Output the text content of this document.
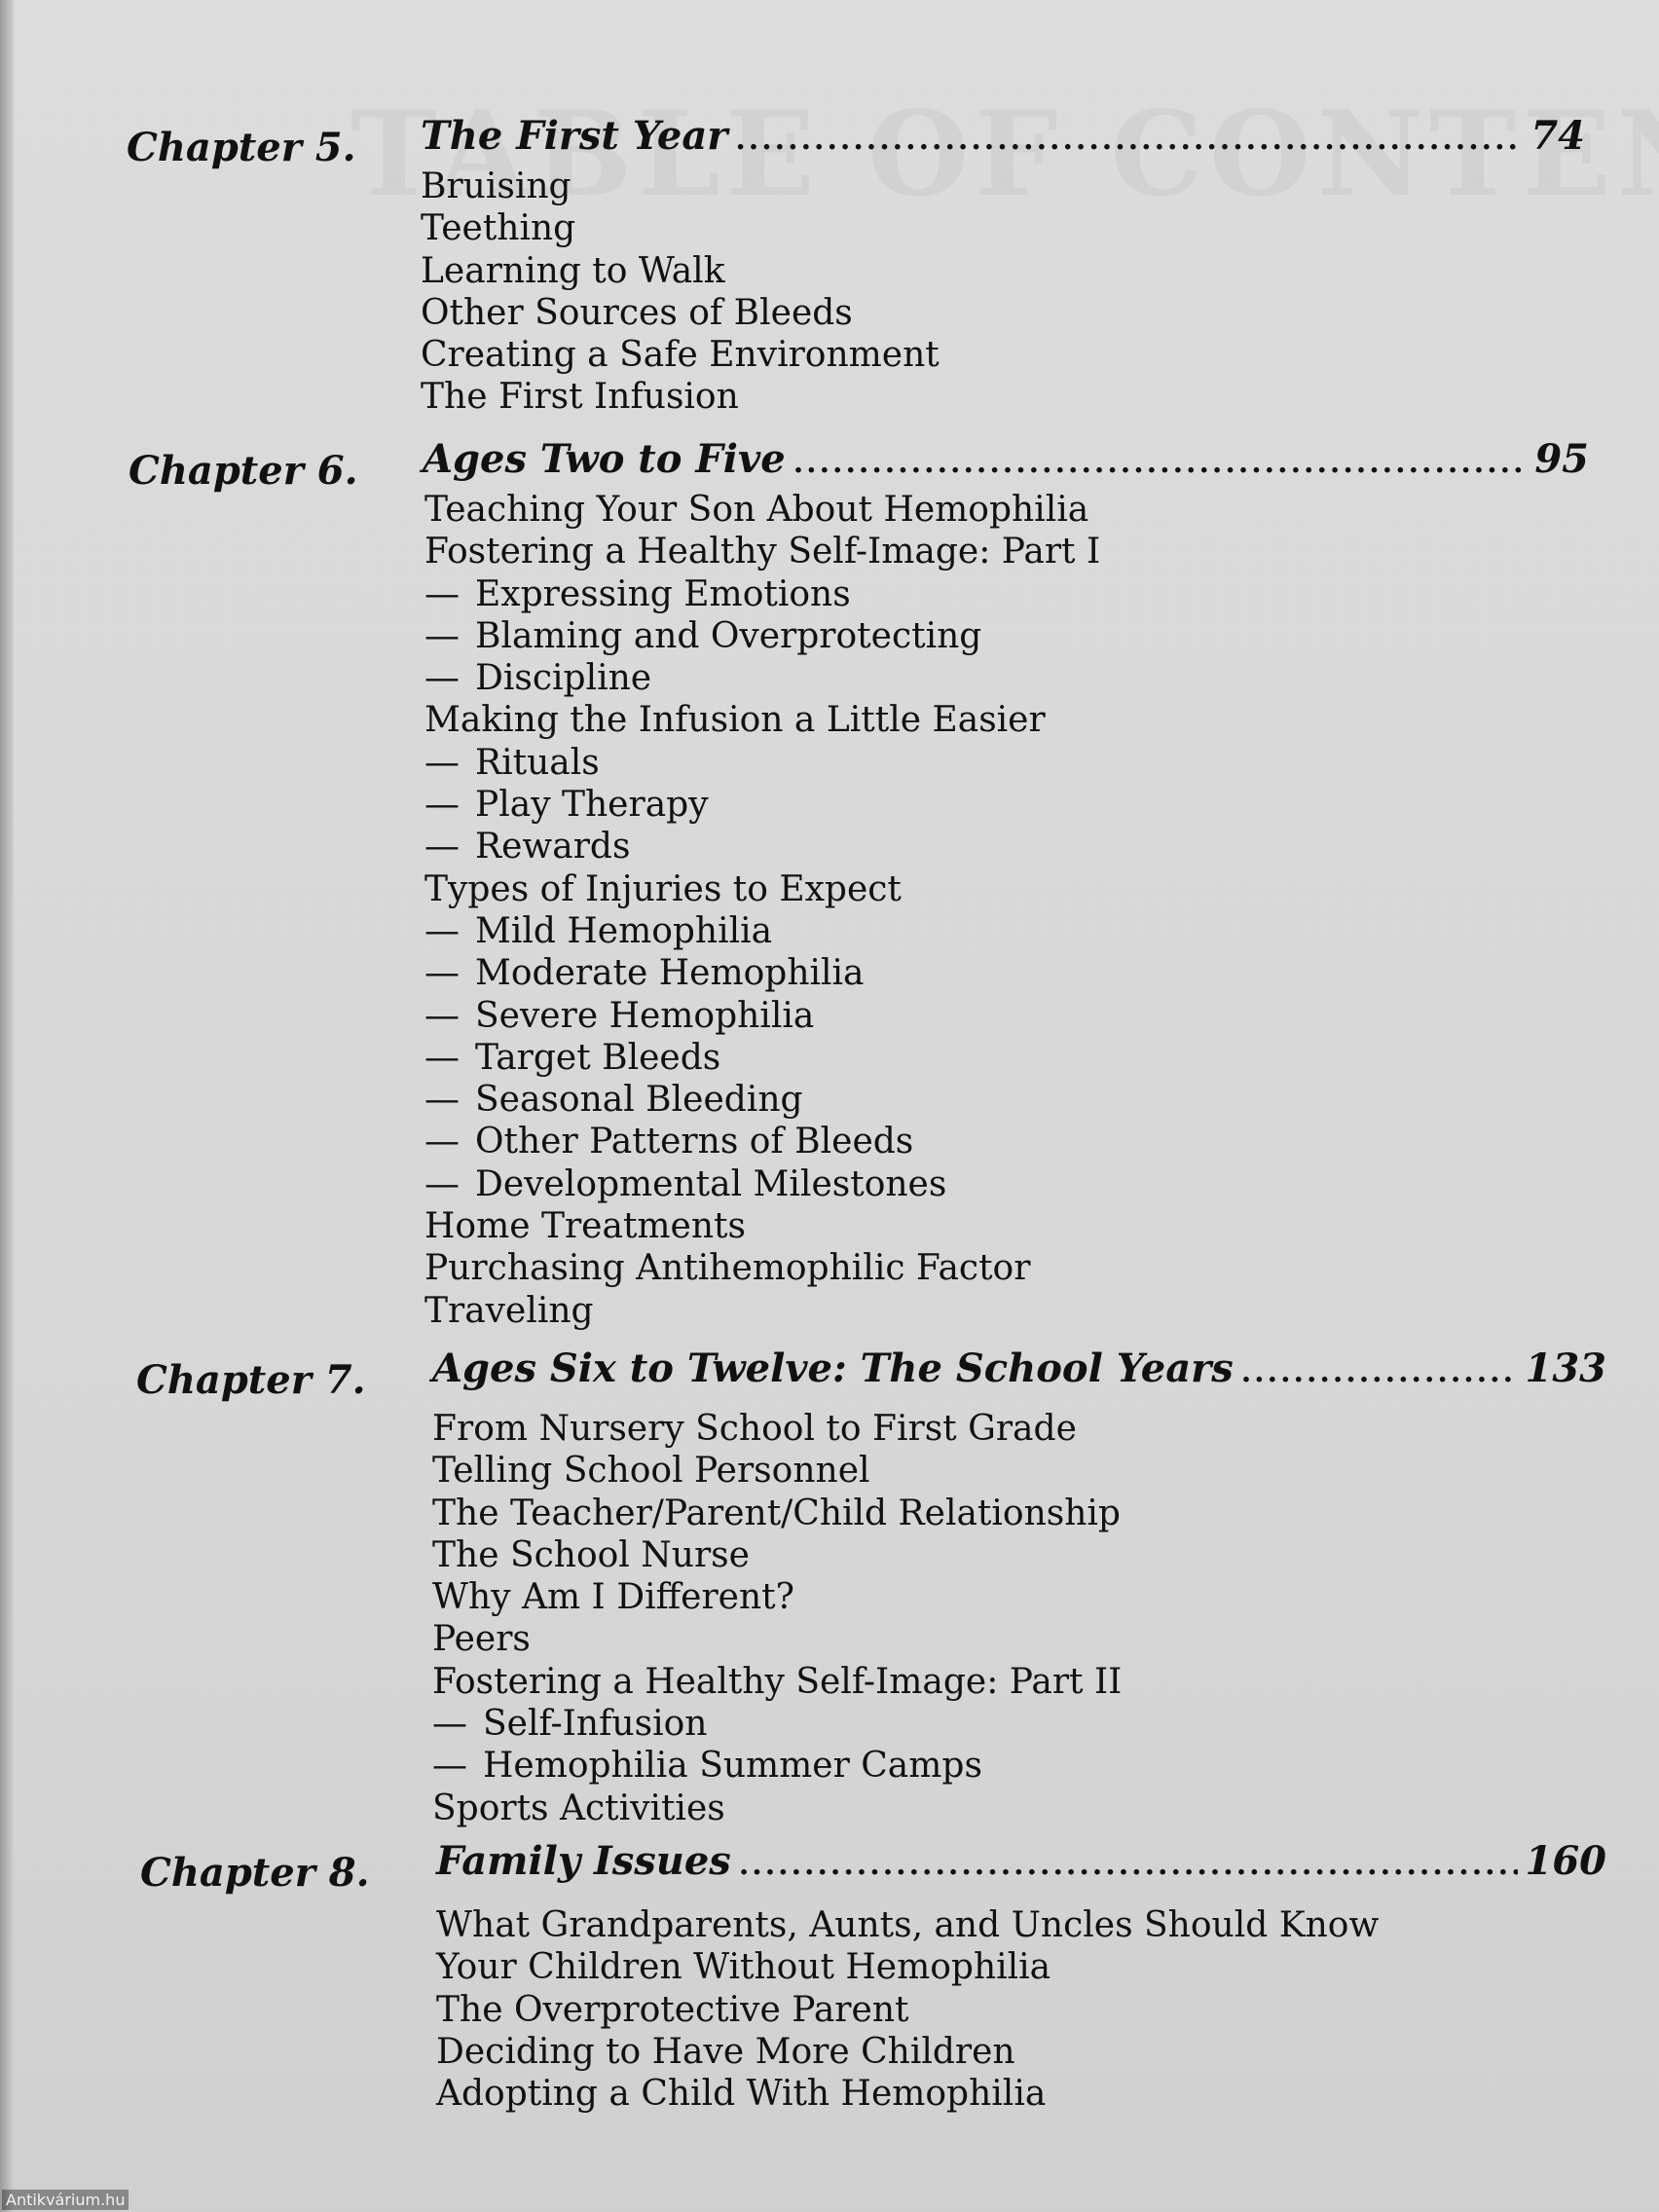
Chapter 5. The First Year .....	74
Bruising
Teething
Learning to Walk
Other Sources of Bleeds
Creating a Safe Environment
The First Infusion
Chapter 6. Ages Two to Five .....	95
Teaching Your Son About Hemophilia
Fostering a Healthy Self-Image: Part I
— Expressing Emotions
— Blaming and Overprotecting
— Discipline
Making the Infusion a Little Easier
— Rituals
— Play Therapy
— Rewards
Types of Injuries to Expect
— Mild Hemophilia
— Moderate Hemophilia
— Severe Hemophilia
— Target Bleeds
— Seasonal Bleeding
— Other Patterns of Bleeds
— Developmental Milestones
Home Treatments
Purchasing Antihemophilic Factor
Traveling
Chapter 7. Ages Six to Twelve: The School Years .....	133
From Nursery School to First Grade
Telling School Personnel
The Teacher/Parent/Child Relationship
The School Nurse
Why Am I Different?
Peers
Fostering a Healthy Self-Image: Part II
— Self-Infusion
— Hemophilia Summer Camps
Sports Activities
Chapter 8. Family Issues .....	160
What Grandparents, Aunts, and Uncles Should Know
Your Children Without Hemophilia
The Overprotective Parent
Deciding to Have More Children
Adopting a Child With Hemophilia
Antikvárium.hu
